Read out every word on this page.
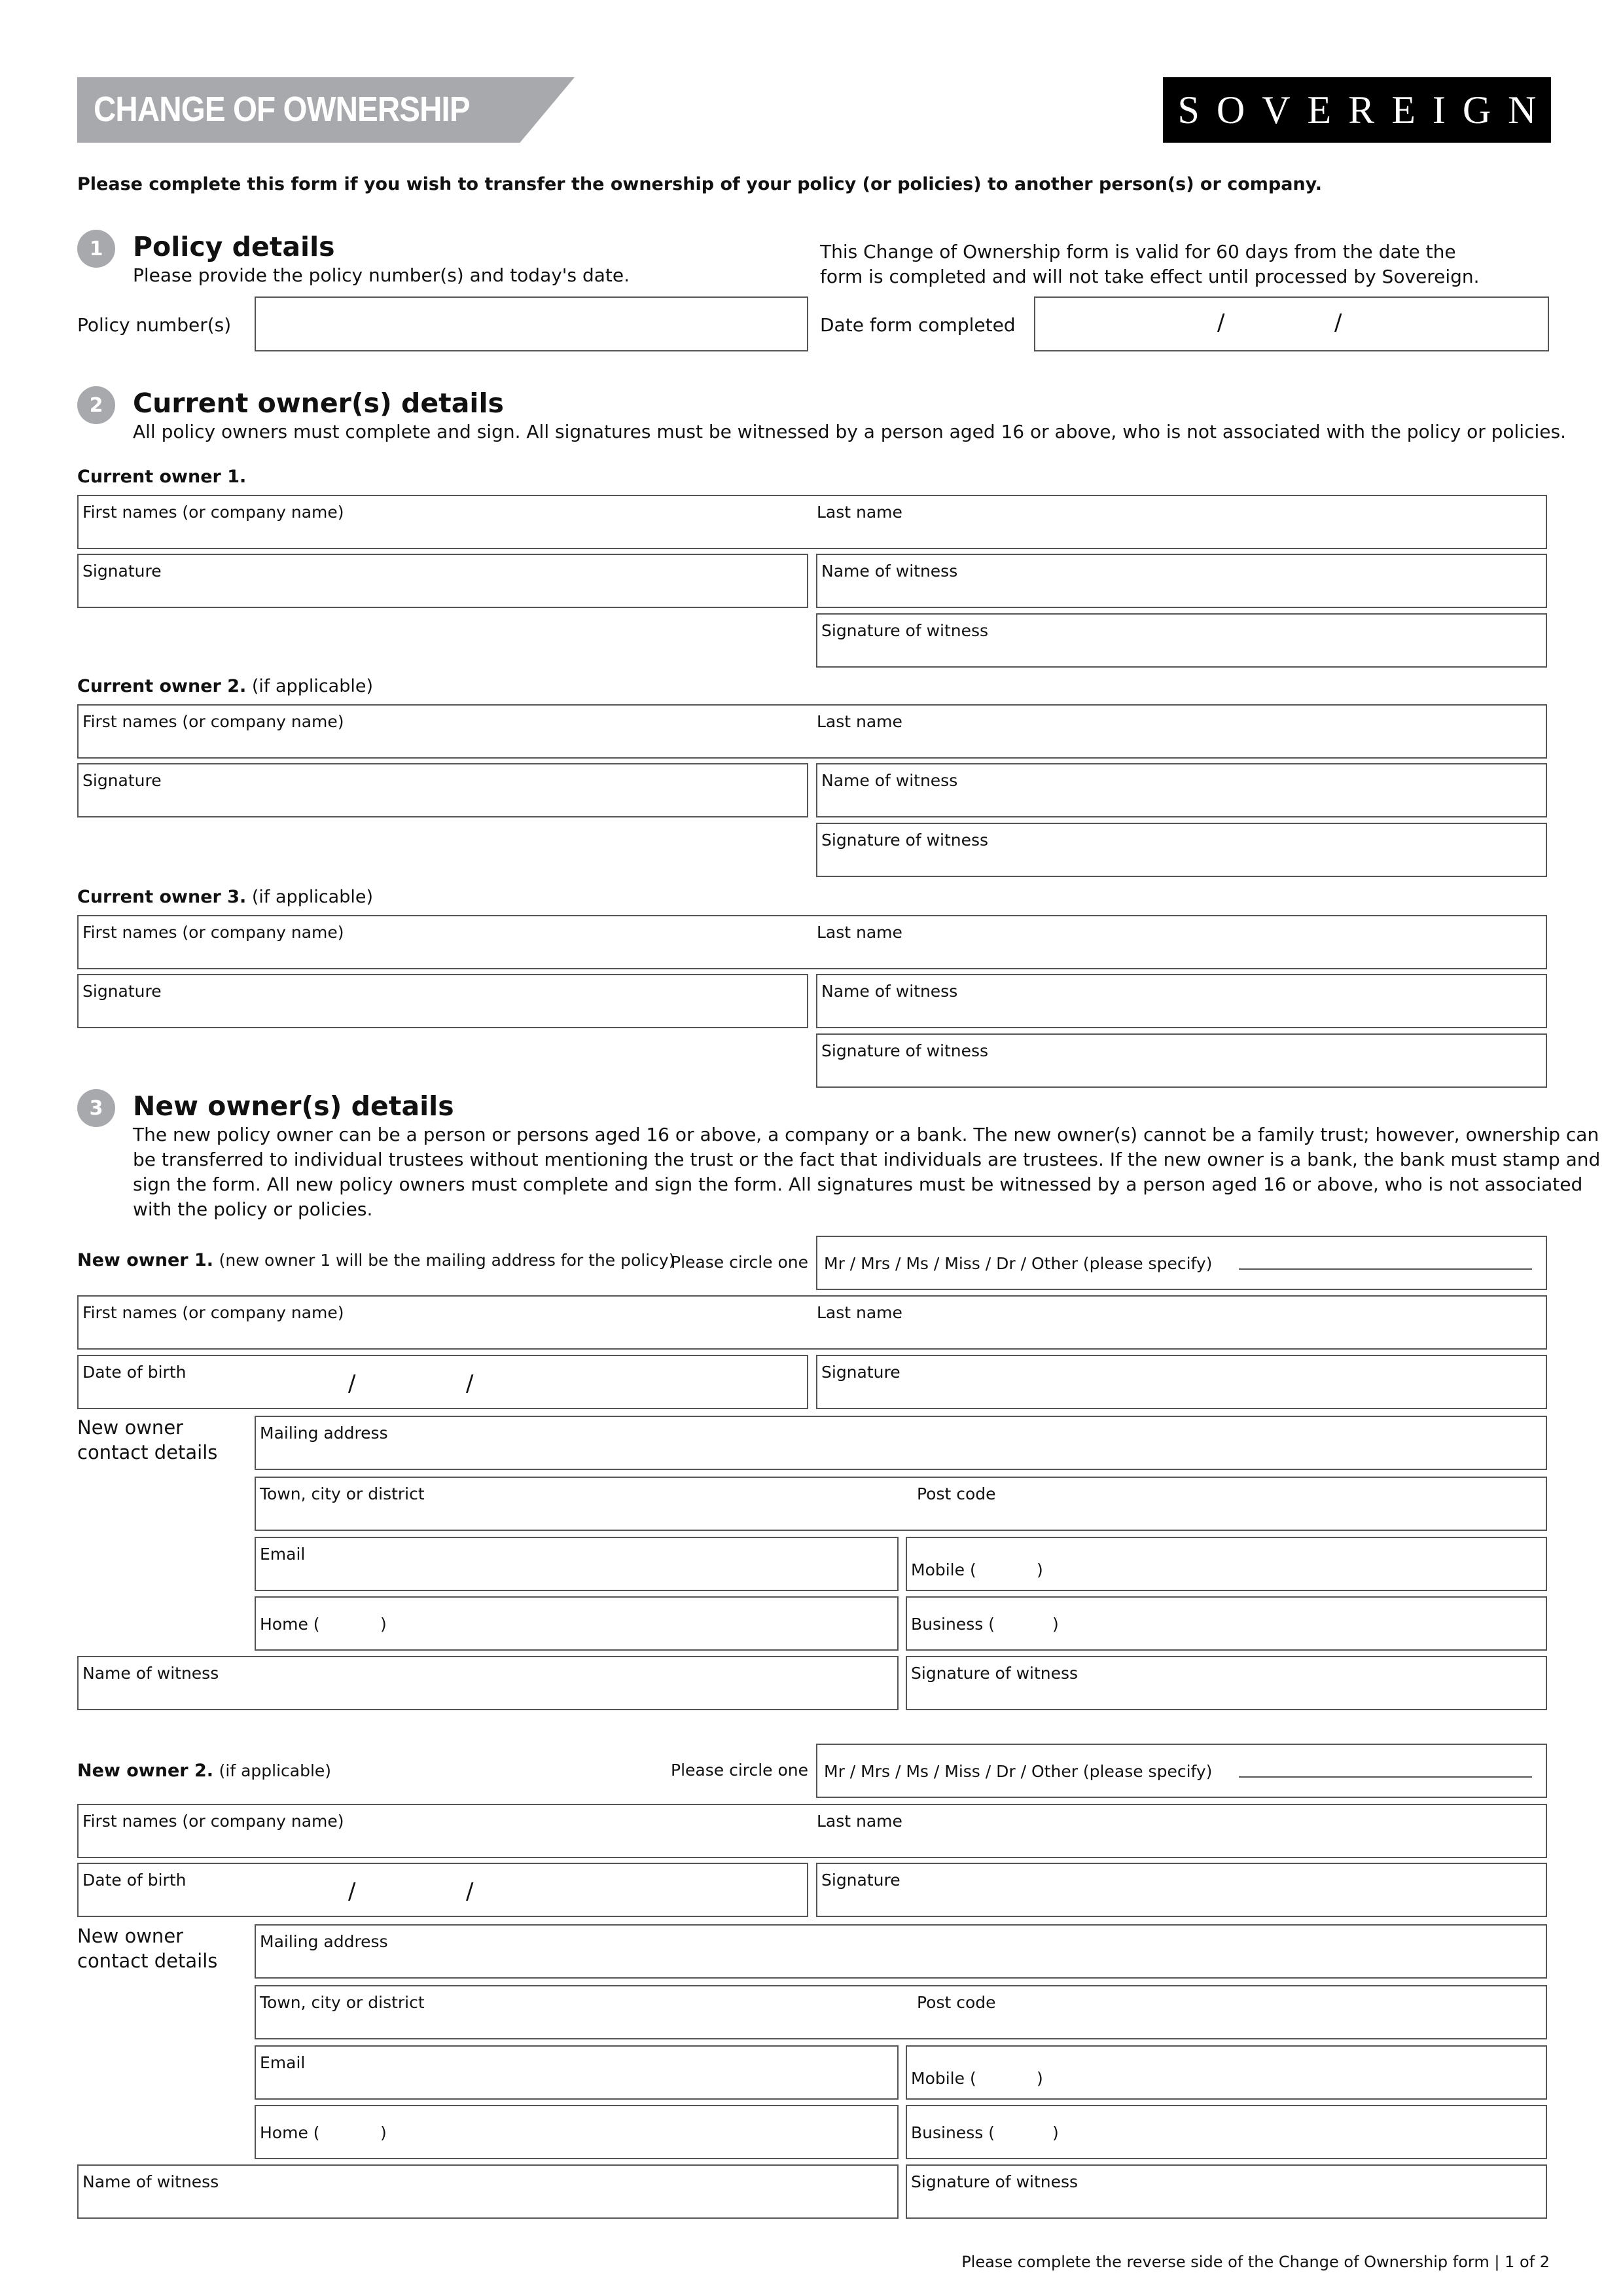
CHANGE OF OWNERSHIP	SOVEREIGN
Please complete this form if you wish to transfer the ownership of your policy (or policies) to another person(s) or company.
1	Policy details
Please provide the policy number(s) and today's date.
This Change of Ownership form is valid for 60 days from the date the
form is completed and will not take effect until processed by Sovereign.
Policy number(s)	Date form completed	/	/
2	Current owner(s) details
All policy owners must complete and sign. All signatures must be witnessed by a person aged 16 or above, who is not associated with the policy or policies.
Current owner 1.
First names (or company name)	Last name
Signature	Name of witness
Signature of witness
Current owner 2. (if applicable)
First names (or company name)	Last name
Signature	Name of witness
Signature of witness
Current owner 3. (if applicable)
First names (or company name)	Last name
Signature	Name of witness
Signature of witness
3	New owner(s) details
The new policy owner can be a person or persons aged 16 or above, a company or a bank. The new owner(s) cannot be a family trust; however, ownership can
be transferred to individual trustees without mentioning the trust or the fact that individuals are trustees. If the new owner is a bank, the bank must stamp and
sign the form. All new policy owners must complete and sign the form. All signatures must be witnessed by a person aged 16 or above, who is not associated
with the policy or policies.
New owner 1. (new owner 1 will be the mailing address for the policy)
Please circle one Mr / Mrs / Ms / Miss / Dr / Other (please specify)
First names (or company name)	Last name
Date of birth	/	/	Signature
New owner
contact details
Mailing address
Town, city or district	Post code
Email
Mobile (	)
Home (	)	Business (	)
Name of witness	Signature of witness
New owner 2. (if applicable)	Please circle one Mr / Mrs / Ms / Miss / Dr / Other (please specify)
First names (or company name)	Last name
Date of birth	/	/	Signature
New owner
contact details
Mailing address
Town, city or district	Post code
Email
Mobile (	)
Home (	)	Business (	)
Name of witness	Signature of witness
Please complete the reverse side of the Change of Ownership form | 1 of 2
